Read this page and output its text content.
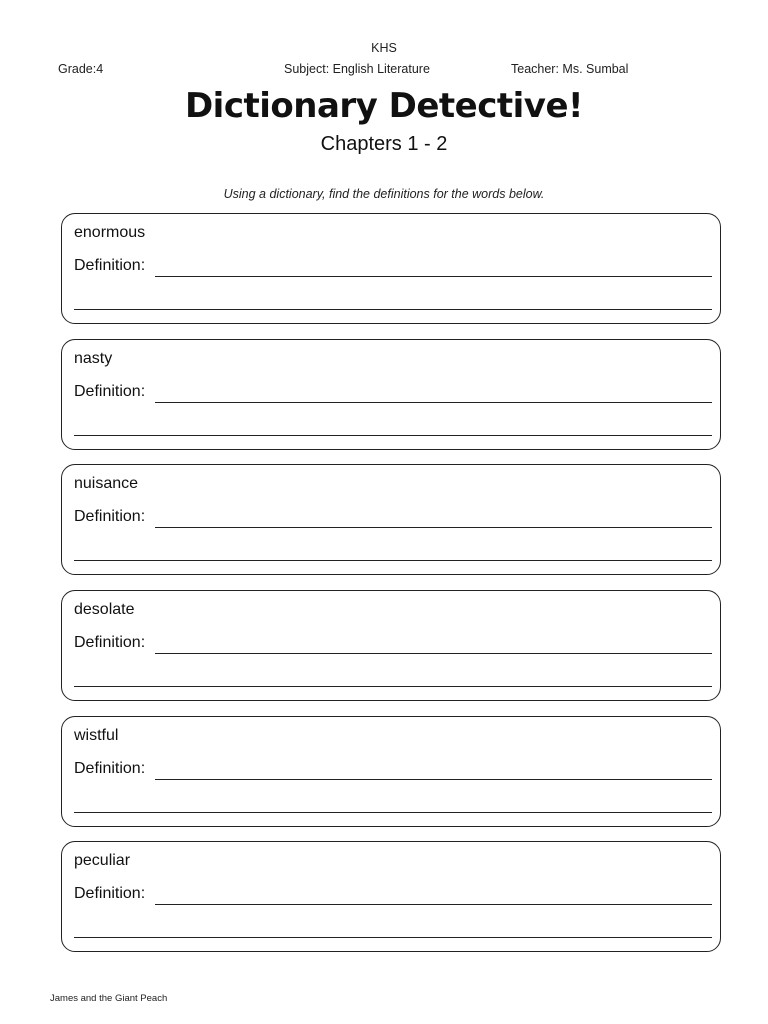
KHS
Grade:4	Subject: English Literature	Teacher: Ms. Sumbal
Dictionary Detective!
Chapters 1 - 2
Using a dictionary, find the definitions for the words below.
enormous
Definition:
nasty
Definition:
nuisance
Definition:
desolate
Definition:
wistful
Definition:
peculiar
Definition:
James and the Giant Peach
